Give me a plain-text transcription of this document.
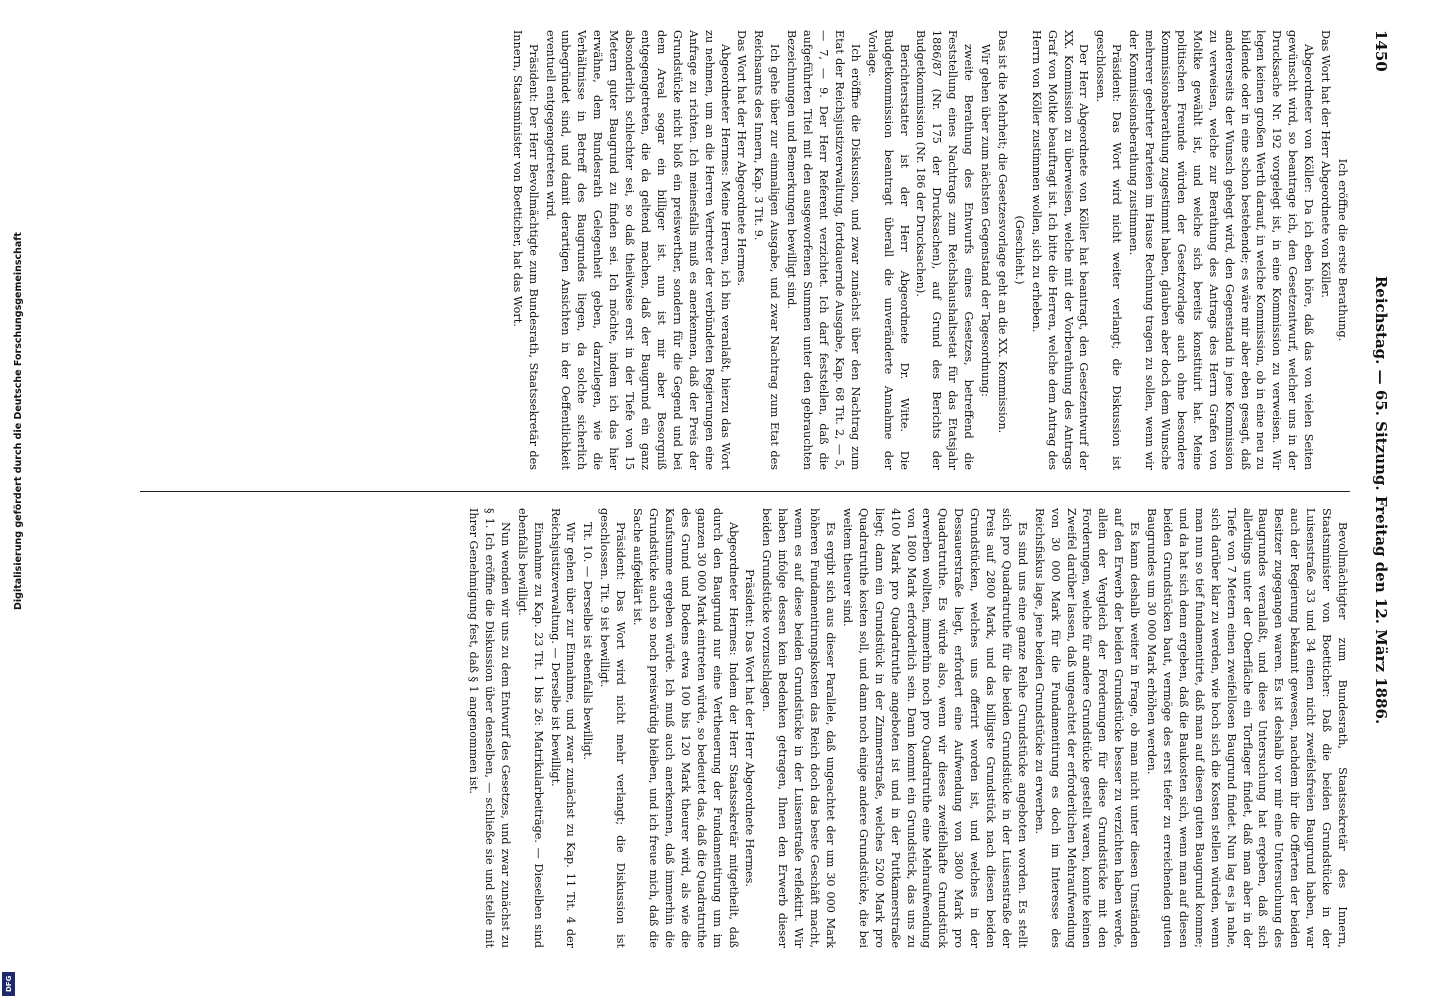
1450
Reichstag. — 65. Sitzung. Freitag den 12. März 1886.

Ich eröffne die erste Berathung.

Das Wort hat der Herr Abgeordnete von Köller.

Abgeordneter von Köller: Da ich eben höre, daß das von vielen Seiten gewünscht wird, so beantrage ich, den Gesetzentwurf, welcher uns in der Drucksache Nr. 192 vorgelegt ist, in eine Kommission zu verweisen. Wir legen keinen großen Werth darauf, in welche Kommission, ob in eine neu zu bildende oder in eine schon bestehende; es wäre mir aber eben gesagt, daß andererseits der Wunsch gehegt wird, den Gegenstand in jene Kommission zu verweisen, welche zur Berathung des Antrags des Herrn Grafen von Moltke gewählt ist, und welche sich bereits konstituirt hat. Meine politischen Freunde würden der Gesetzvorlage auch ohne besondere Kommissionsberathung zugestimmt haben, glauben aber doch dem Wunsche mehrerer geehrter Parteien im Hause Rechnung tragen zu sollen, wenn wir der Kommissionsberathung zustimmen.

Präsident: Das Wort wird nicht weiter verlangt; die Diskussion ist geschlossen.

Der Herr Abgeordnete von Köller hat beantragt, den Gesetzentwurf der XX. Kommission zu überweisen, welche mit der Vorberathung des Antrags Graf von Moltke beauftragt ist. Ich bitte die Herren, welche dem Antrag des Herrn von Köller zustimmen wollen, sich zu erheben.

(Geschieht.)

Das ist die Mehrheit; die Gesetzesvorlage geht an die XX. Kommission.

Wir gehen über zum nächsten Gegenstand der Tagesordnung:

zweite Berathung des Entwurfs eines Gesetzes, betreffend die Feststellung eines Nachtrags zum Reichshaushaltsetat für das Etatsjahr 1886/87 (Nr. 175 der Drucksachen), auf Grund des Berichts der Budgetkommission (Nr. 186 der Drucksachen).

Berichterstatter ist der Herr Abgeordnete Dr. Witte. Die Budgetkommission beantragt überall die unveränderte Annahme der Vorlage.

Ich eröffne die Diskussion, und zwar zunächst über den Nachtrag zum Etat der Reichsjustizverwaltung, fortdauernde Ausgabe, Kap. 68 Tit. 2, — 5, — 7, — 9. Der Herr Referent verzichtet. Ich darf feststellen, daß die aufgeführten Titel mit den ausgeworfenen Summen unter den gebrauchten Bezeichnungen und Bemerkungen bewilligt sind.

Ich gehe über zur einmaligen Ausgabe, und zwar Nachtrag zum Etat des Reichsamts des Innern, Kap. 3 Tit. 9.

Das Wort hat der Herr Abgeordnete Hermes.

Abgeordneter Hermes: Meine Herren, ich bin veranlaßt, hierzu das Wort zu nehmen, um an die Herren Vertreter der verbündeten Regierungen eine Anfrage zu richten. Ich meinesfalls muß es anerkennen, daß der Preis der Grundstücke nicht bloß ein preiswerther, sondern für die Gegend und bei dem Areal sogar ein billiger ist. nun ist mir aber Besorgniß entgegengetreten, die da geltend machen, daß der Baugrund ein ganz absonderlich schlechter sei, so daß theilweise erst in der Tiefe von 15 Metern guter Baugrund zu finden sei. Ich möchte, indem ich das hier erwähne, dem Bundesrath Gelegenheit geben, darzulegen, wie die Verhältnisse in Betreff des Baugrundes liegen, da solche sicherlich unbegründet sind, und damit derartigen Ansichten in der Oeffentlichkeit eventuell entgegengetreten wird.

Präsident: Der Herr Bevollmächtigte zum Bundesrath, Staatssekretär des Innern, Staatsminister von Boetticher, hat das Wort.

Bevollmächtigter zum Bundesrath, Staatssekretär des Innern, Staatsminister von Boetticher: Daß die beiden Grundstücke in der Luisenstraße 33 und 34 einen nicht zweifelsfreien Baugrund haben, war auch der Regierung bekannt gewesen, nachdem ihr die Offerten der beiden Besitzer zugegangen waren. Es ist deshalb vor mir eine Untersuchung des Baugrundes veranlaßt, und diese Untersuchung hat ergeben, daß sich allerdings unter der Oberfläche ein Torflager findet, daß man aber in der Tiefe von 7 Metern einen zweifellosen Baugrund findet. Nun lag es ja nahe, sich darüber klar zu werden, wie hoch sich die Kosten stellen würden, wenn man nun so tief fundamentirte, daß man auf diesen guten Baugrund komme; und da hat sich denn ergeben, daß die Baukosten sich, wenn man auf diesen beiden Grundstücken baut, vermöge des erst tiefer zu erreichenden guten Baugrundes um 30 000 Mark erhöhen werden.

Es kann deshalb weiter in Frage, ob man nicht unter diesen Umständen auf den Erwerb der beiden Grundstücke besser zu verzichten haben werde, allein der Vergleich der Forderungen für diese Grundstücke mit den Forderungen, welche für andere Grundstücke gestellt waren, konnte keinen Zweifel darüber lassen, daß ungeachtet der erforderlichen Mehraufwendung von 30 000 Mark für die Fundamentirung es doch im Interesse des Reichsfiskus lage, jene beiden Grundstücke zu erwerben.

Es sind uns eine ganze Reihe Grundstücke angeboten worden. Es stellt sich pro Quadratruthe für die beiden Grundstücke in der Luisenstraße der Preis auf 2800 Mark, und das billigste Grundstück nach diesen beiden Grundstücken, welches uns offerirt worden ist, und welches in der Dessauerstraße liegt, erfordert eine Aufwendung von 3800 Mark pro Quadratruthe. Es würde also, wenn wir dieses zweifelhafte Grundstück erwerben wollten, immerhin noch pro Quadratruthe eine Mehraufwendung von 1800 Mark erforderlich sein. Dann kommt ein Grundstück, das uns zu 4100 Mark pro Quadratruthe angeboten ist und in der Puttkamerstraße liegt; dann ein Grundstück in der Zimmerstraße, welches 5200 Mark pro Quadratruthe kosten soll, und dann noch einige andere Grundstücke, die bei weitem theurer sind.

Es ergibt sich aus dieser Parallele, daß ungeachtet der um 30 000 Mark höheren Fundamentirungskosten das Reich doch das beste Geschäft macht, wenn es auf diese beiden Grundstücke in der Luisenstraße reflektirt. Wir haben infolge dessen kein Bedenken getragen, Ihnen den Erwerb dieser beiden Grundstücke vorzuschlagen.

Präsident: Das Wort hat der Herr Abgeordnete Hermes.

Abgeordneter Hermes: Indem der Herr Staatssekretär mitgetheilt, daß durch den Baugrund nur eine Vertheuerung der Fundamentirung um im ganzen 30 000 Mark eintreten würde, so bedeutet das, daß die Quadratruthe des Grund und Bodens etwa 100 bis 120 Mark theurer wird, als wie die Kaufsumme ergeben würde. Ich muß auch anerkennen, daß immerhin die Grundstücke auch so noch preiswürdig bleiben, und ich freue mich, daß die Sache aufgeklärt ist.

Präsident: Das Wort wird nicht mehr verlangt; die Diskussion ist geschlossen. Tit. 9 ist bewilligt.

Tit. 10. — Derselbe ist ebenfalls bewilligt.

Wir gehen über zur Einnahme, und zwar zunächst zu Kap. 11 Tit. 4 der Reichsjustizverwaltung. — Derselbe ist bewilligt.

Einnahme zu Kap. 23 Tit. 1 bis 26: Matrikularbeiträge. — Dieselben sind ebenfalls bewilligt.

Nun wenden wir uns zu dem Entwurf des Gesetzes, und zwar zunächst zu § 1. Ich eröffne die Diskussion über denselben, — schließe sie und stelle mit Ihrer Genehmigung fest, daß § 1 angenommen ist.

Digitalisierung gefördert durch die Deutsche Forschungsgemeinschaft
DFG
